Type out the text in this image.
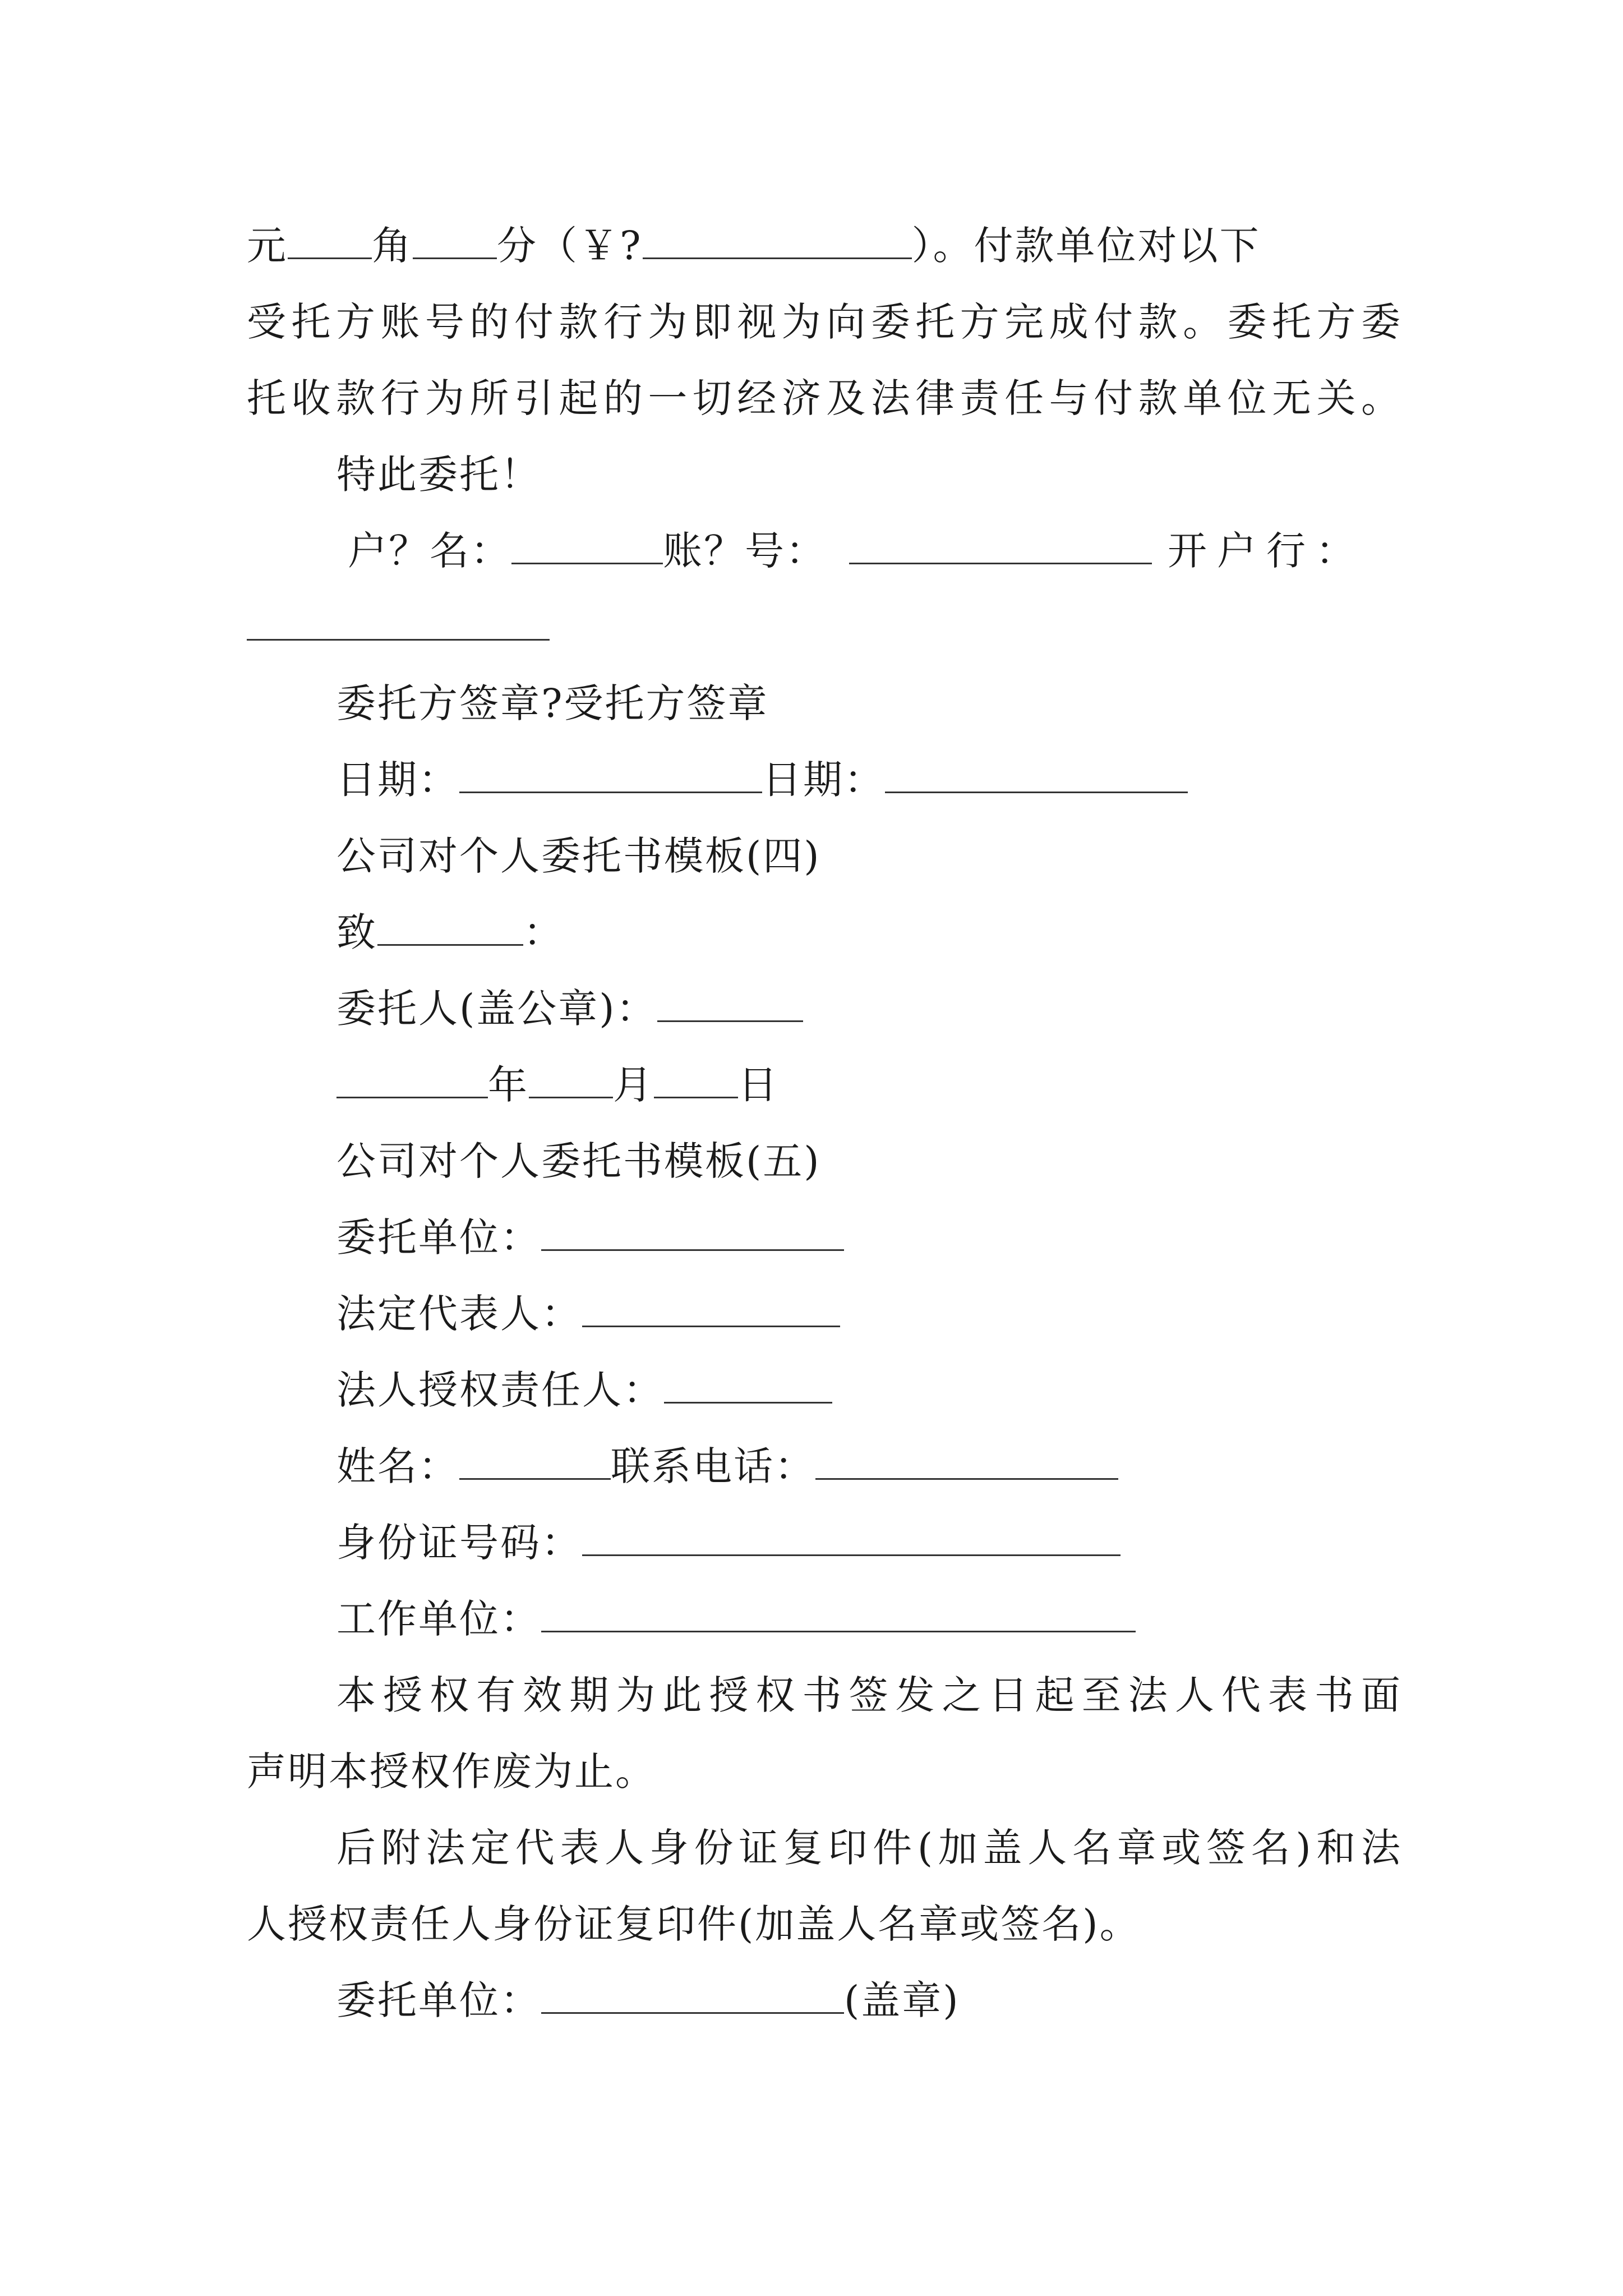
元 角 分（￥?	）。付款单位对以下
受托方账号的付款行为即视为向委托方完成付款。委托方委
托收款行为所引起的一切经济及法律责任与付款单位无关。
特此委托！
户？名：	账？号：	开户行：
委托方签章?受托方签章
日期：	日期：
公司对个人委托书模板(四)
致	：
委托人(盖公章)：
年 月 日
公司对个人委托书模板(五)
委托单位：
法定代表人：
法人授权责任人：
姓名：	联系电话：
身份证号码：
工作单位：
本授权有效期为此授权书签发之日起至法人代表书面
声明本授权作废为止。
后附法定代表人身份证复印件(加盖人名章或签名)和法
人授权责任人身份证复印件(加盖人名章或签名)。
委托单位：	(盖章)
